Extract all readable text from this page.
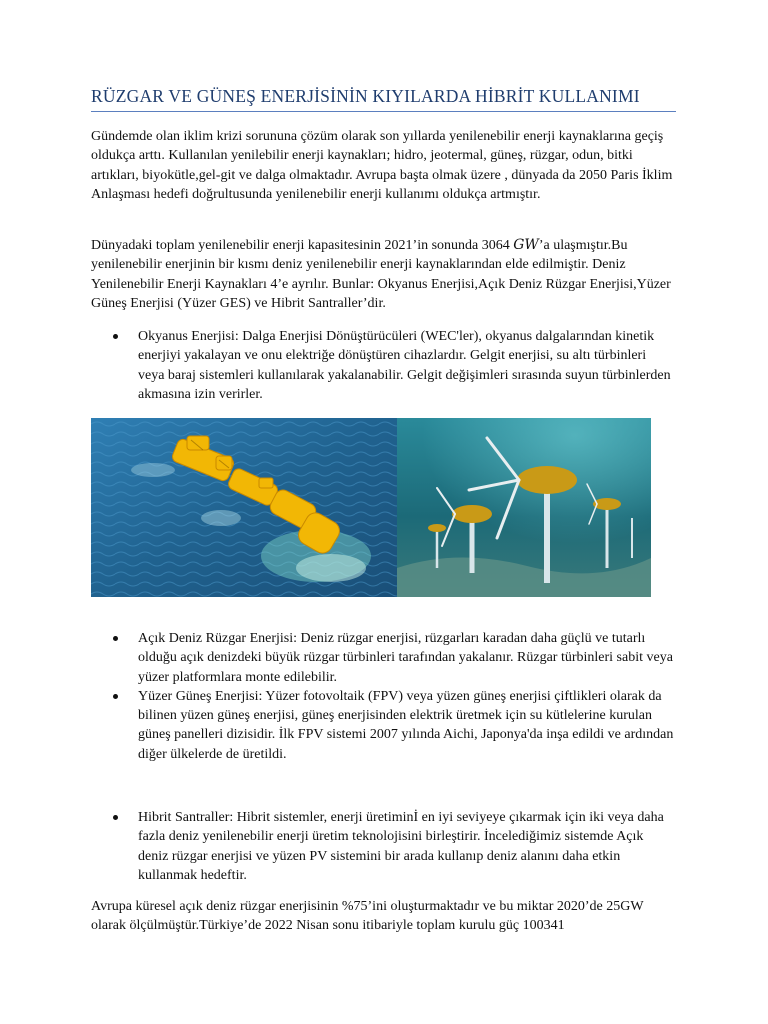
RÜZGAR VE GÜNEŞ ENERJİSİNİN KIYILARDA HİBRİT KULLANIMI

Gündemde olan iklim krizi sorununa çözüm olarak son yıllarda yenilenebilir enerji kaynaklarına geçiş oldukça arttı. Kullanılan yenilebilir enerji kaynakları; hidro, jeotermal, güneş, rüzgar, odun, bitki artıkları, biyokütle,gel-git ve dalga olmaktadır. Avrupa başta olmak üzere , dünyada da 2050 Paris İklim Anlaşması hedefi doğrultusunda yenilenebilir enerji kullanımı oldukça artmıştır.

Dünyadaki toplam yenilenebilir enerji kapasitesinin 2021’in sonunda 3064 GW’a ulaşmıştır.Bu yenilenebilir enerjinin bir kısmı deniz yenilenebilir enerji kaynaklarından elde edilmiştir. Deniz Yenilenebilir Enerji Kaynakları 4’e ayrılır. Bunlar: Okyanus Enerjisi,Açık Deniz Rüzgar Enerjisi,Yüzer Güneş Enerjisi (Yüzer GES) ve Hibrit Santraller’dir.

Okyanus Enerjisi: Dalga Enerjisi Dönüştürücüleri (WEC'ler), okyanus dalgalarından kinetik enerjiyi yakalayan ve onu elektriğe dönüştüren cihazlardır. Gelgit enerjisi, su altı türbinleri veya baraj sistemleri kullanılarak yakalanabilir. Gelgit değişimleri sırasında suyun türbinlerden akmasına izin verirler.
Açık Deniz Rüzgar Enerjisi: Deniz rüzgar enerjisi, rüzgarları karadan daha güçlü ve tutarlı olduğu açık denizdeki büyük rüzgar türbinleri tarafından yakalanır. Rüzgar türbinleri sabit veya yüzer platformlara monte edilebilir.
Yüzer Güneş Enerjisi: Yüzer fotovoltaik (FPV) veya yüzen güneş enerjisi çiftlikleri olarak da bilinen yüzen güneş enerjisi, güneş enerjisinden elektrik üretmek için su kütlelerine kurulan güneş panelleri dizisidir. İlk FPV sistemi 2007 yılında Aichi, Japonya'da inşa edildi ve ardından diğer ülkelerde de üretildi.
Hibrit Santraller: Hibrit sistemler, enerji üretimin͏İ en iyi seviyeye çıkarmak için iki veya daha fazla deniz yenilenebilir enerji üretim teknolojisini birleştirir. İncelediğimiz sistemde Açık deniz rüzgar enerjisi ve yüzen PV sistemini bir arada kullanıp deniz alanını daha etkin kullanmak hedeftir.

Avrupa küresel açık deniz rüzgar enerjisinin %75’ini oluşturmaktadır ve bu miktar 2020’de 25GW olarak ölçülmüştür.Türkiye’de 2022 Nisan sonu itibariyle toplam kurulu güç 100341
